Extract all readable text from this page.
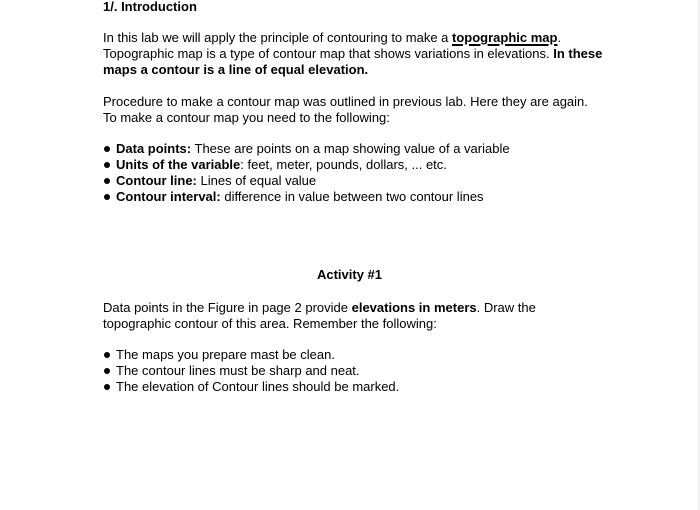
1/. Introduction

In this lab we will apply the principle of contouring to make a topographic map. Topographic map is a type of contour map that shows variations in elevations. In these maps a contour is a line of equal elevation.

Procedure to make a contour map was outlined in previous lab. Here they are again. To make a contour map you need to the following:

Data points: These are points on a map showing value of a variable
Units of the variable: feet, meter, pounds, dollars, ... etc.
Contour line: Lines of equal value
Contour interval: difference in value between two contour lines
Activity #1

Data points in the Figure in page 2 provide elevations in meters. Draw the topographic contour of this area. Remember the following:

The maps you prepare mast be clean.
The contour lines must be sharp and neat.
The elevation of Contour lines should be marked.
